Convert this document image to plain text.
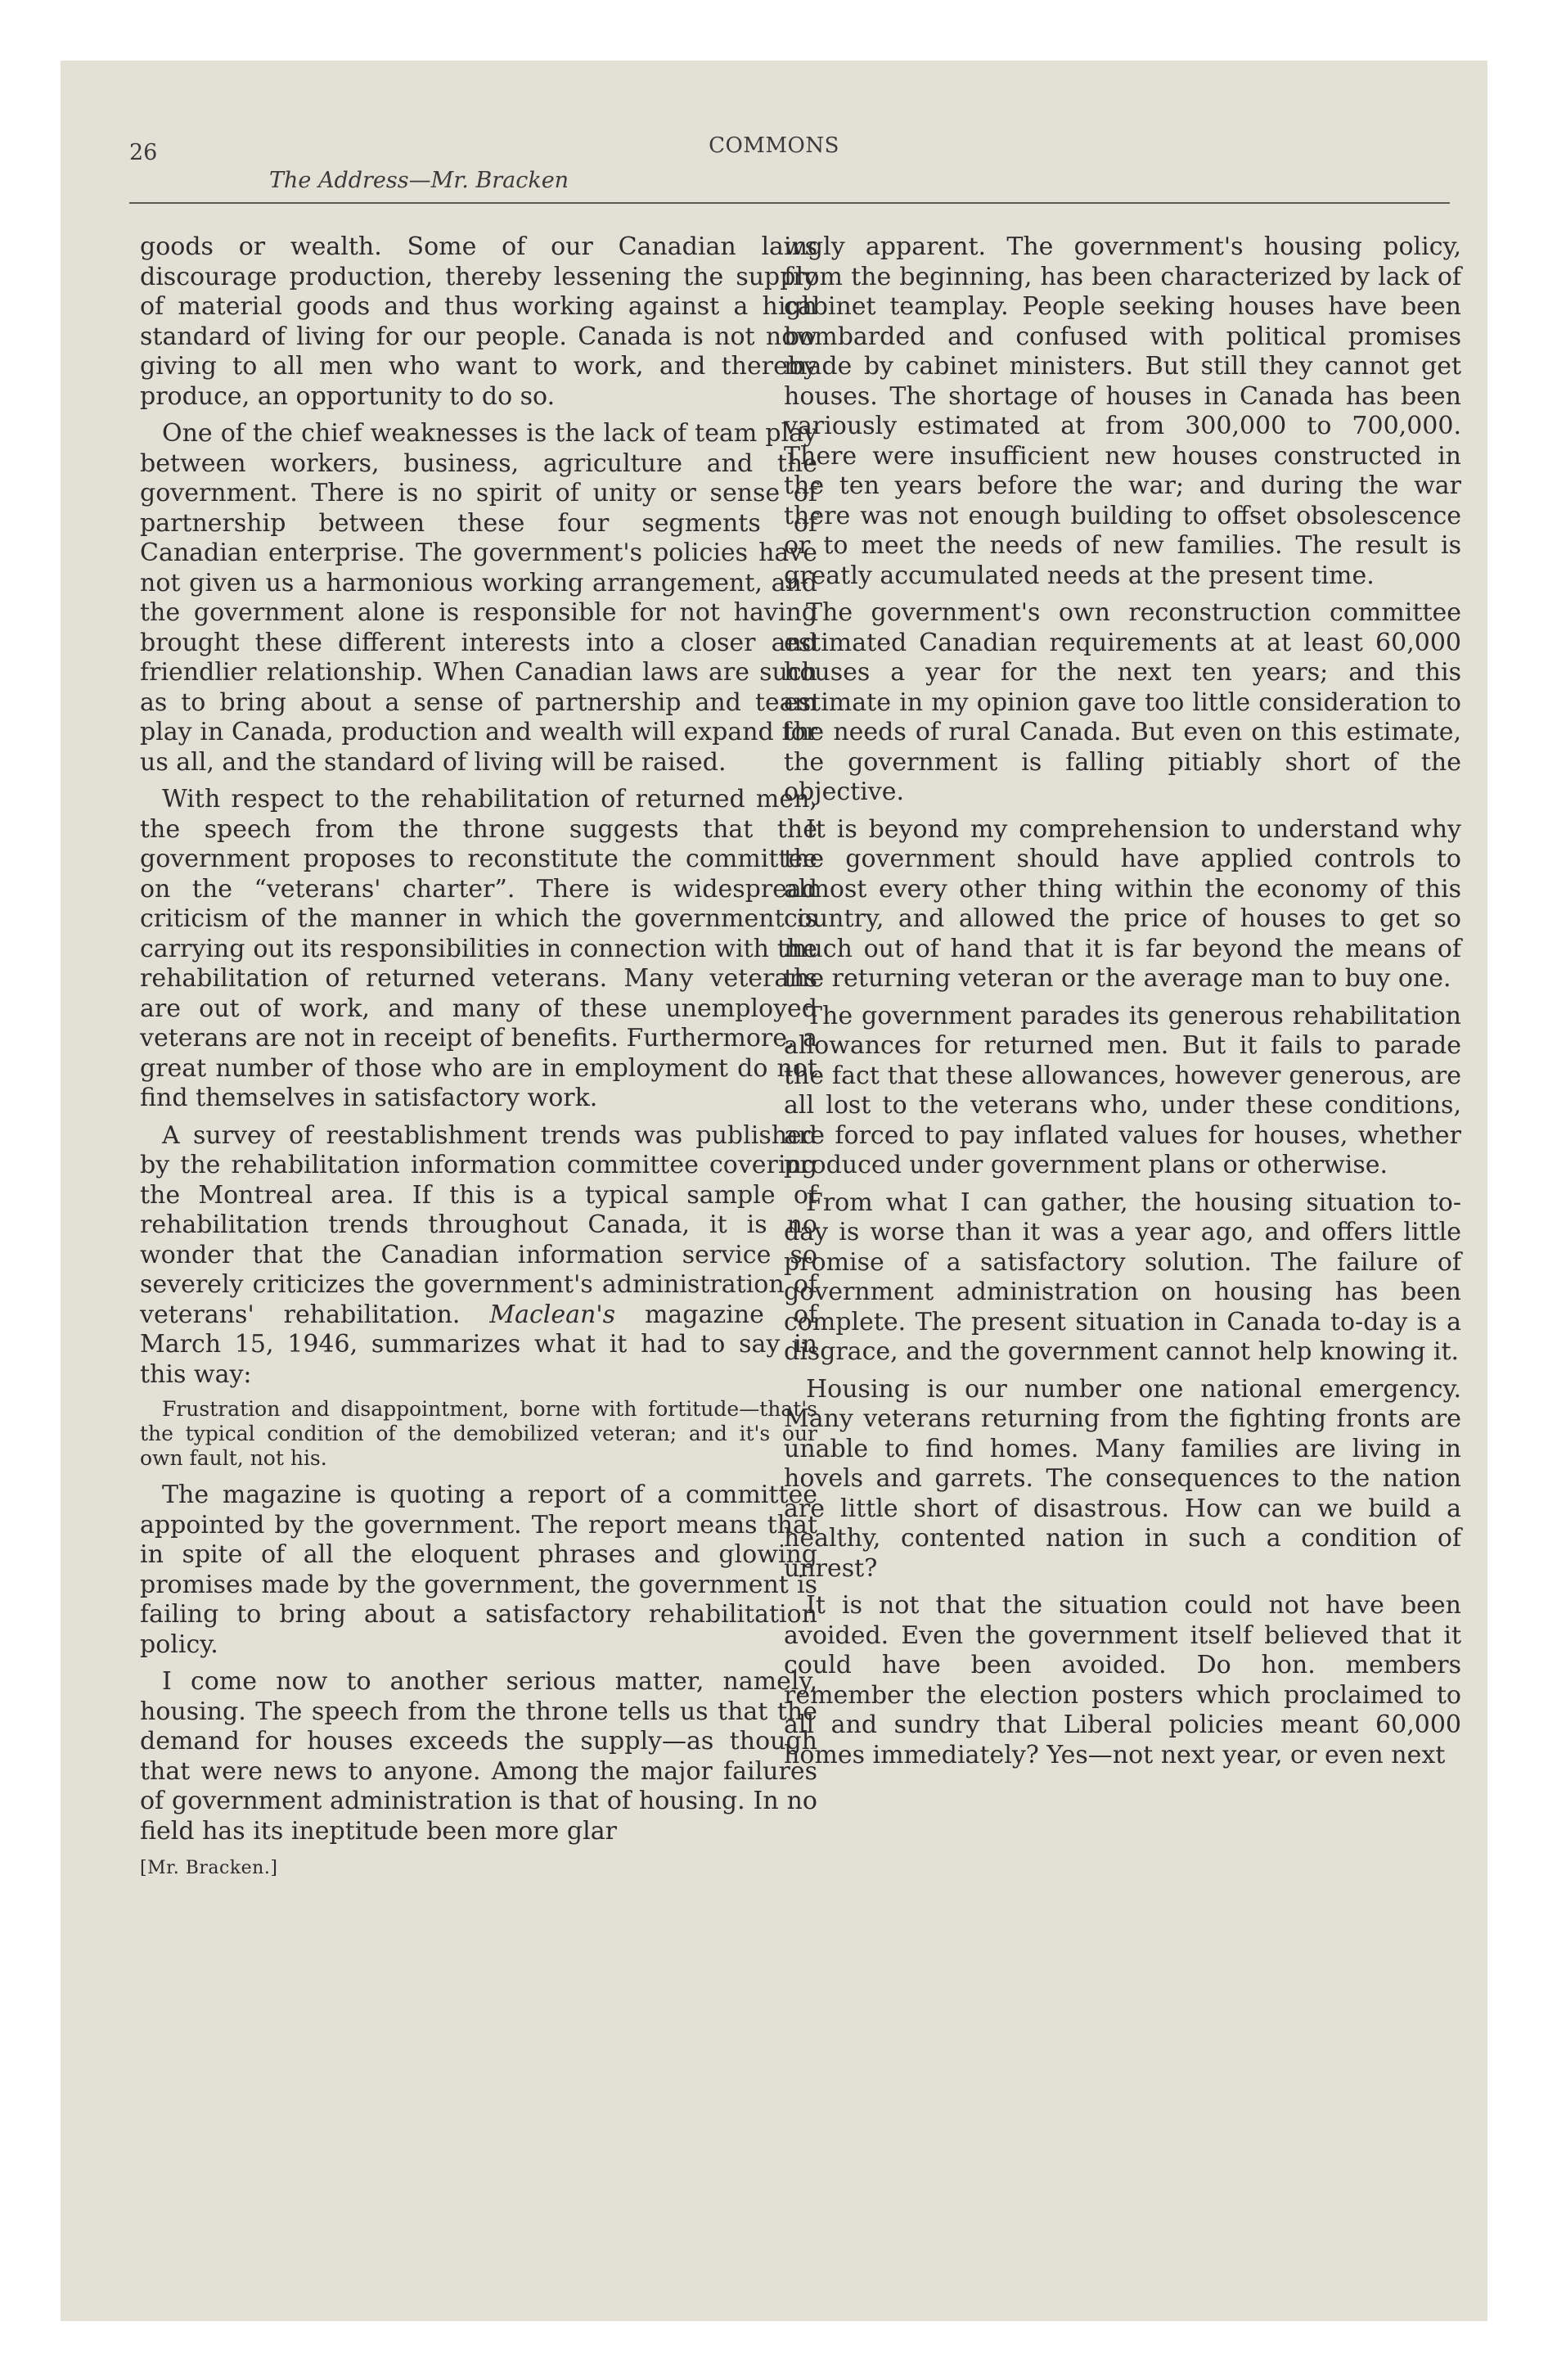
26	COMMONS
The Address—Mr. Bracken

goods or wealth. Some of our Canadian laws discourage production, thereby lessening the supply of material goods and thus working against a high standard of living for our people. Canada is not now giving to all men who want to work, and thereby produce, an opportunity to do so.

One of the chief weaknesses is the lack of team play between workers, business, agriculture and the government. There is no spirit of unity or sense of partnership between these four segments of Canadian enterprise. The government's policies have not given us a harmonious working arrangement, and the government alone is responsible for not having brought these different interests into a closer and friendlier relationship. When Canadian laws are such as to bring about a sense of partnership and team play in Canada, production and wealth will expand for us all, and the standard of living will be raised.

With respect to the rehabilitation of returned men, the speech from the throne suggests that the government proposes to reconstitute the committee on the “veterans' charter”. There is widespread criticism of the manner in which the government is carrying out its responsibilities in connection with the rehabilitation of returned veterans. Many veterans are out of work, and many of these unemployed veterans are not in receipt of benefits. Furthermore, a great number of those who are in employment do not find themselves in satisfactory work.

A survey of reestablishment trends was published by the rehabilitation information committee covering the Montreal area. If this is a typical sample of rehabilitation trends throughout Canada, it is no wonder that the Canadian information service so severely criticizes the government's administration of veterans' rehabilitation. Maclean's magazine of March 15, 1946, summarizes what it had to say in this way:

Frustration and disappointment, borne with fortitude—that's the typical condition of the demobilized veteran; and it's our own fault, not his.

The magazine is quoting a report of a committee appointed by the government. The report means that in spite of all the eloquent phrases and glowing promises made by the government, the government is failing to bring about a satisfactory rehabilitation policy.

I come now to another serious matter, namely, housing. The speech from the throne tells us that the demand for houses exceeds the supply—as though that were news to anyone. Among the major failures of government administration is that of housing. In no field has its ineptitude been more glar

[Mr. Bracken.]

ingly apparent. The government's housing policy, from the beginning, has been characterized by lack of cabinet teamplay. People seeking houses have been bombarded and confused with political promises made by cabinet ministers. But still they cannot get houses. The shortage of houses in Canada has been variously estimated at from 300,000 to 700,000. There were insufficient new houses constructed in the ten years before the war; and during the war there was not enough building to offset obsolescence or to meet the needs of new families. The result is greatly accumulated needs at the present time.

The government's own reconstruction committee estimated Canadian requirements at at least 60,000 houses a year for the next ten years; and this estimate in my opinion gave too little consideration to the needs of rural Canada. But even on this estimate, the government is falling pitiably short of the objective.

It is beyond my comprehension to understand why the government should have applied controls to almost every other thing within the economy of this country, and allowed the price of houses to get so much out of hand that it is far beyond the means of the returning veteran or the average man to buy one.

The government parades its generous rehabilitation allowances for returned men. But it fails to parade the fact that these allowances, however generous, are all lost to the veterans who, under these conditions, are forced to pay inflated values for houses, whether produced under government plans or otherwise.

From what I can gather, the housing situation to-day is worse than it was a year ago, and offers little promise of a satisfactory solution. The failure of government administration on housing has been complete. The present situation in Canada to-day is a disgrace, and the government cannot help knowing it.

Housing is our number one national emergency. Many veterans returning from the fighting fronts are unable to find homes. Many families are living in hovels and garrets. The consequences to the nation are little short of disastrous. How can we build a healthy, contented nation in such a condition of unrest?

It is not that the situation could not have been avoided. Even the government itself believed that it could have been avoided. Do hon. members remember the election posters which proclaimed to all and sundry that Liberal policies meant 60,000 homes immediately? Yes—not next year, or even next
